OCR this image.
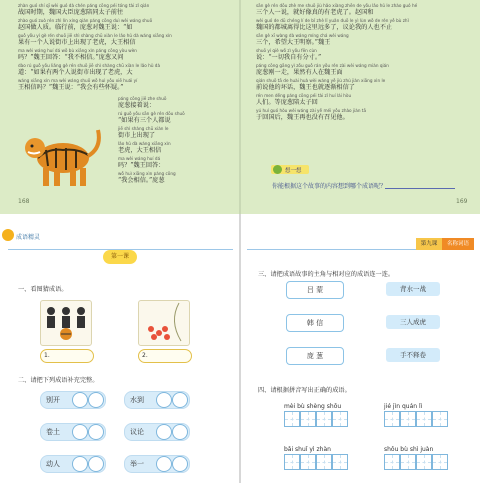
zhàn guó shí qī wèi guó dà chén páng cōng péi tóng tài zǐ qián
战国时期，魏国大臣庞葱陪同太子前往
zhào guó zuò rén zhì lín xíng qián páng cōng duì wèi wáng shuō
赵国做人质。临行前，庞葱对魏王说：“如
guǒ yǒu yí gè rén shuō jiē shì shàng chū xiàn le lǎo hǔ dà wáng xiāng xìn
果有一个人说街市上出现了老虎，大王相信
ma wèi wáng huí dá wǒ bù xiāng xìn páng cōng yòu wèn
吗？”魏王回答：“我不相信。”庞葱又问
dào rú guǒ yǒu liǎng gè rén shuō jiē shì shàng chū xiàn le lǎo hǔ dà
道：“如果有两个人说街市出现了老虎，大
wáng xiāng xìn ma wèi wáng shuō wǒ huì yǒu xiē huái yí
王相信吗？”魏王说：“我会有些怀疑。”
páng cōng jiē zhe shuō
庞葱接着说：
rú guǒ yǒu sān gè rén dōu shuō
“如果有三个人都说
jiē shì shàng chū xiàn le
街市上出现了
lǎo hǔ dà wáng xiāng xìn
老虎，大王相信
ma wèi wáng huí dá
吗？”魏王回答：
wǒ huì xiāng xìn páng cōng
“我会相信。”庞葱
168
sān gè rén dōu zhè me shuō jiù hǎo xiàng zhēn de yǒu lǎo hǔ le zhào guó hé
三个人一说，就好像真的有老虎了。赵国和
wèi guó de dū chéng lí de bǐ zhè lǐ yuǎn duō le yì lùn wǒ de rén yě bù zhǐ
魏国的都城离得比这里远多了，议论我的人也不止
sān gè xī wàng dà wáng míng chá wèi wáng
三个，希望大王明察。”魏王
shuō yí qiè wǒ zì yǒu fēn cùn
说：“一切我自有分寸。”
páng cōng gāng yì zǒu guǒ rán yǒu rén zài wèi wáng miàn qián
庞葱刚一走，果然有人在魏王面
qián shuō tā de huài huà wèi wáng yě jiù zhú jiàn xiāng xìn le
前说他的坏话，魏王也就逐渐相信了
rén men děng páng cōng péi tài zǐ huí lái hòu
人们。等庞葱陪太子回
yú huí guó hòu wèi wáng zài yě méi yǒu zhào jiàn tā
于回国后，魏王再也没有召见他。
想一想
你能根据这个故事的内容想到哪个成语呢？
169
成语精灵
第一课
一、看图猜成语。
1.	2.
二、请把下列成语补充完整。
别开	水到
卷土	议论
动人	举一
第九课	名称词语
三、请把成语故事的主角与相对应的成语连一连。
吕 蒙
韩 信
庞 葱
背水一战
三人成虎
手不释卷
四、请根据拼音写出正确的成语。
mèi bù shèng shōu	jié jìn quán lì
bǎi shuǐ yì zhàn	shǒu bù shì juàn
